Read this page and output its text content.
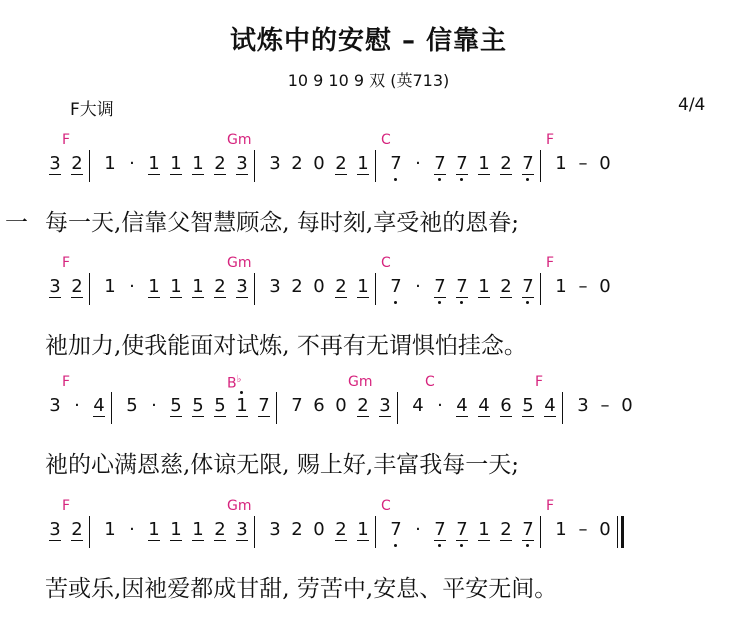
试炼中的安慰 – 信靠主
10 9 10 9 双 (英713)
F大调	4/4
F	Gm	C	F
3 2 1 · 1 1 1 2 3 3 2 0 2 1 7 · 7 7 1 2 7 1 – 0
每一天,信靠父智慧顾念, 每时刻,享受祂的恩眷;
一
F	Gm	C	F
3 2 1 · 1 1 1 2 3 3 2 0 2 1 7 · 7 7 1 2 7 1 – 0
祂加力,使我能面对试炼, 不再有无谓惧怕挂念。
F	B♭	Gm	C	F
3 · 4 5 · 5 5 5 1 7 7 6 0 2 3 4 · 4 4 6 5 4 3 – 0
祂的心满恩慈,体谅无限, 赐上好,丰富我每一天;
F	Gm	C	F
3 2 1 · 1 1 1 2 3 3 2 0 2 1 7 · 7 7 1 2 7 1 – 0
苦或乐,因祂爱都成甘甜, 劳苦中,安息、平安无间。
